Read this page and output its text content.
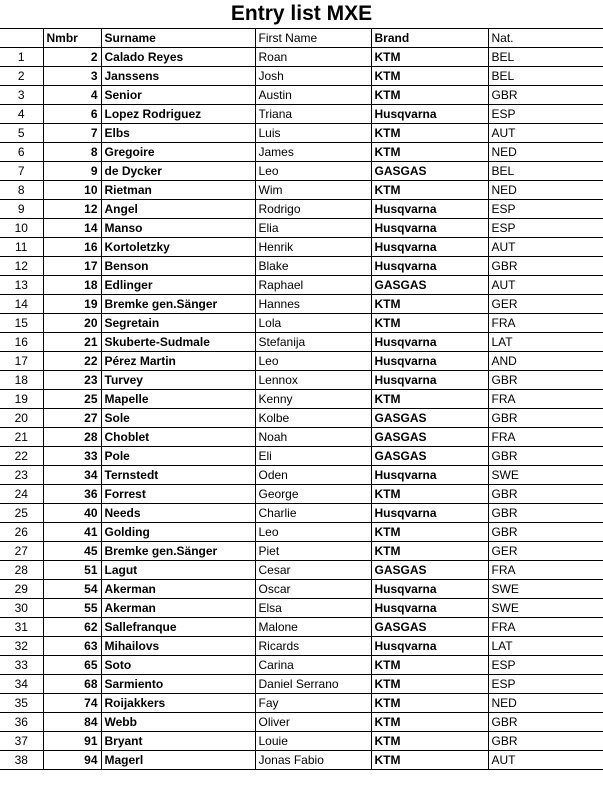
Entry list MXE					
	Nmbr	Surname	First Name	Brand	Nat.
1	2	Calado Reyes	Roan	KTM	BEL
2	3	Janssens	Josh	KTM	BEL
3	4	Senior	Austin	KTM	GBR
4	6	Lopez Rodriguez	Triana	Husqvarna	ESP
5	7	Elbs	Luis	KTM	AUT
6	8	Gregoire	James	KTM	NED
7	9	de Dycker	Leo	GASGAS	BEL
8	10	Rietman	Wim	KTM	NED
9	12	Angel	Rodrigo	Husqvarna	ESP
10	14	Manso	Elia	Husqvarna	ESP
11	16	Kortoletzky	Henrik	Husqvarna	AUT
12	17	Benson	Blake	Husqvarna	GBR
13	18	Edlinger	Raphael	GASGAS	AUT
14	19	Bremke gen.Sänger	Hannes	KTM	GER
15	20	Segretain	Lola	KTM	FRA
16	21	Skuberte-Sudmale	Stefanija	Husqvarna	LAT
17	22	Pérez Martin	Leo	Husqvarna	AND
18	23	Turvey	Lennox	Husqvarna	GBR
19	25	Mapelle	Kenny	KTM	FRA
20	27	Sole	Kolbe	GASGAS	GBR
21	28	Choblet	Noah	GASGAS	FRA
22	33	Pole	Eli	GASGAS	GBR
23	34	Ternstedt	Oden	Husqvarna	SWE
24	36	Forrest	George	KTM	GBR
25	40	Needs	Charlie	Husqvarna	GBR
26	41	Golding	Leo	KTM	GBR
27	45	Bremke gen.Sänger	Piet	KTM	GER
28	51	Lagut	Cesar	GASGAS	FRA
29	54	Akerman	Oscar	Husqvarna	SWE
30	55	Akerman	Elsa	Husqvarna	SWE
31	62	Sallefranque	Malone	GASGAS	FRA
32	63	Mihailovs	Ricards	Husqvarna	LAT
33	65	Soto	Carina	KTM	ESP
34	68	Sarmiento	Daniel Serrano	KTM	ESP
35	74	Roijakkers	Fay	KTM	NED
36	84	Webb	Oliver	KTM	GBR
37	91	Bryant	Louie	KTM	GBR
38	94	Magerl	Jonas Fabio	KTM	AUT
